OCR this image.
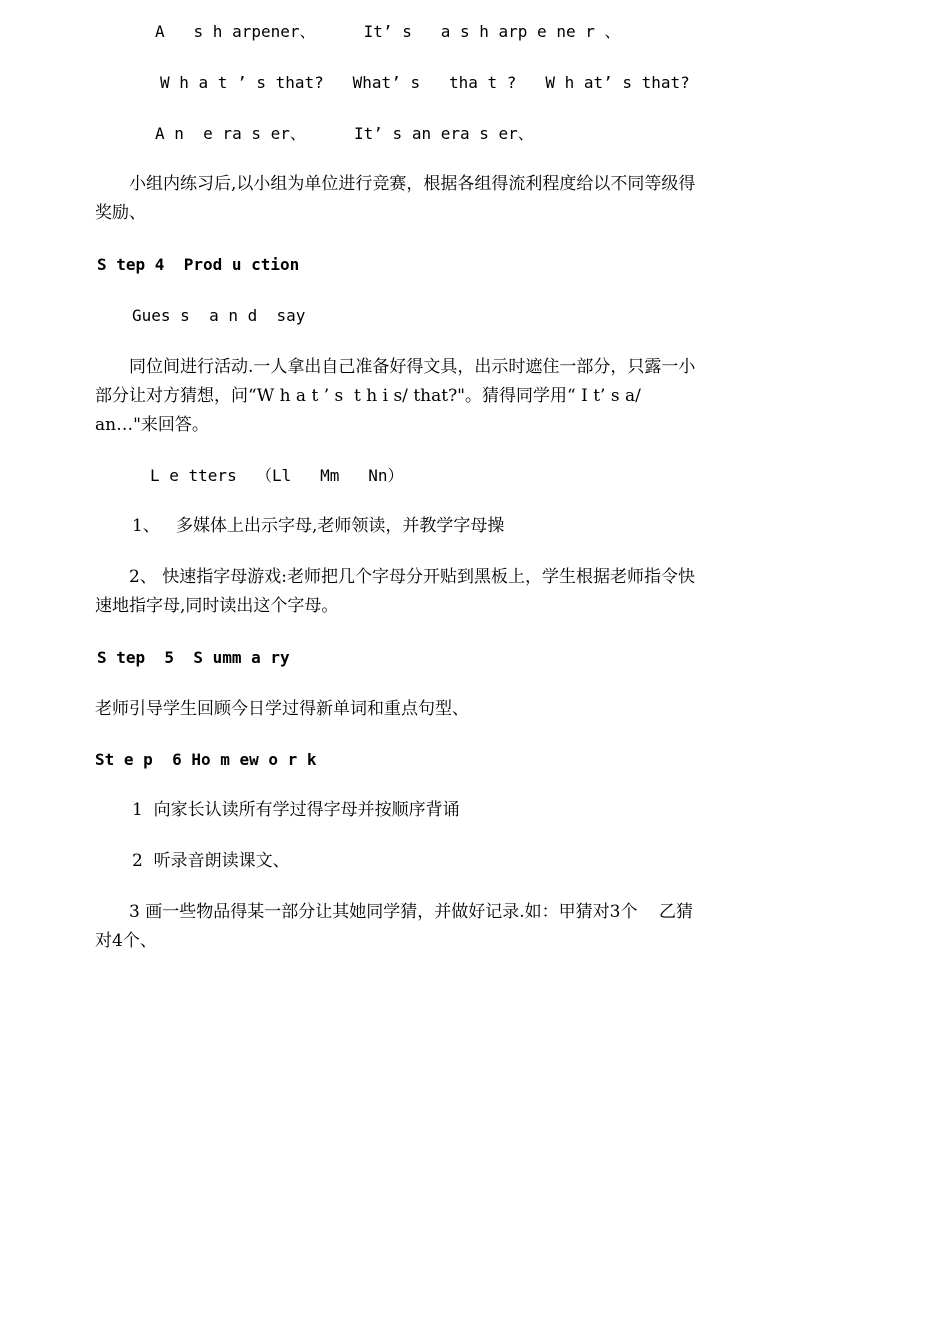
A   s h arpener、     It’ s   a s h arp e ne r 、

W h a t ’ s that?   What’ s   tha t ?   W h at’ s that?

A n  e ra s er、     It’ s an era s er、

小组内练习后,以小组为单位进行竞赛，根据各组得流利程度给以不同等级得奖励、

S tep 4  Prod u ction

Gues s  a n d  say

同位间进行活动.一人拿出自己准备好得文具，出示时遮住一部分，只露一小部分让对方猜想，问“W h a t ’ s  t h i s/ that?"。猜得同学用“ I t’ s a/  an…"来回答。

L e tters  （Ll   Mm   Nn）

1、   多媒体上出示字母,老师领读，并教学字母操

2、 快速指字母游戏:老师把几个字母分开贴到黑板上，学生根据老师指令快速地指字母,同时读出这个字母。

S tep  5  S umm a ry

老师引导学生回顾今日学过得新单词和重点句型、

St e p  6 Ho m ew o r k

1  向家长认读所有学过得字母并按顺序背诵

2  听录音朗读课文、

3 画一些物品得某一部分让其她同学猜，并做好记录.如：甲猜对3个    乙猜对4个、
